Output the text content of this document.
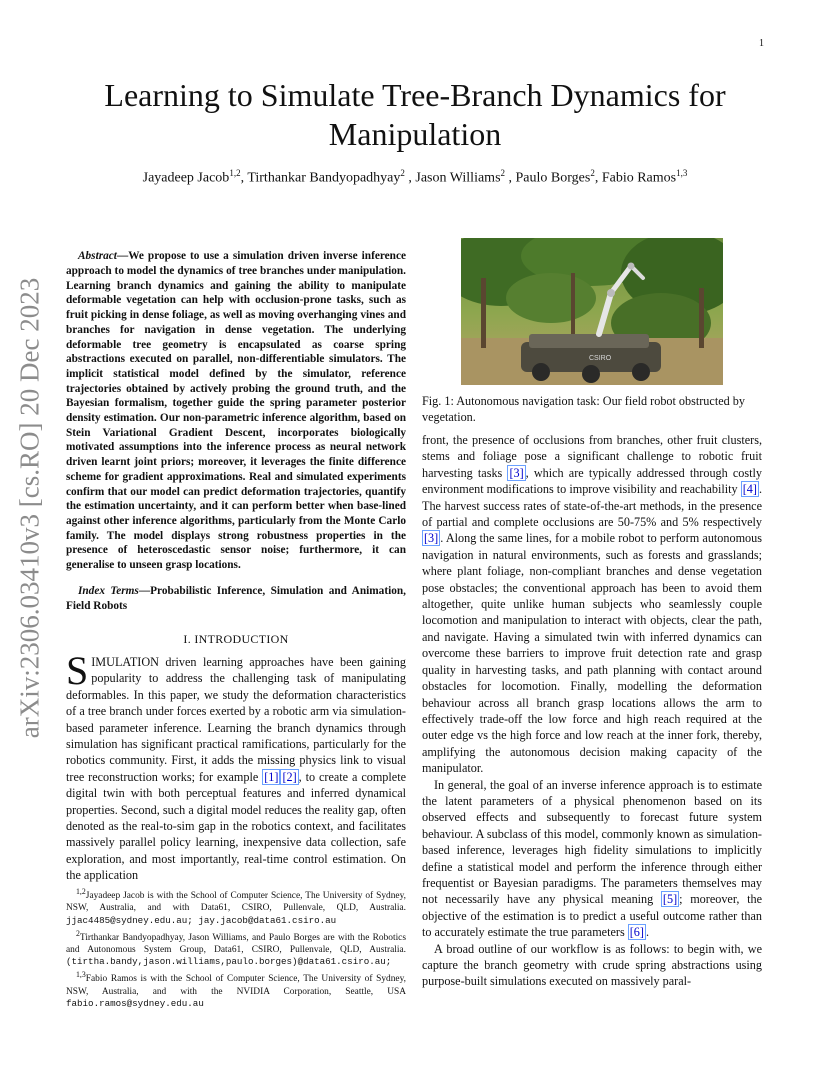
1
arXiv:2306.03410v3 [cs.RO] 20 Dec 2023
Learning to Simulate Tree-Branch Dynamics for Manipulation
Jayadeep Jacob$^{1,2}$, Tirthankar Bandyopadhyay$^2$ , Jason Williams$^2$ , Paulo Borges$^2$, Fabio Ramos$^{1,3}$

Abstract—We propose to use a simulation driven inverse inference approach to model the dynamics of tree branches under manipulation. Learning branch dynamics and gaining the ability to manipulate deformable vegetation can help with occlusion-prone tasks, such as fruit picking in dense foliage, as well as moving overhanging vines and branches for navigation in dense vegetation. The underlying deformable tree geometry is encapsulated as coarse spring abstractions executed on parallel, non-differentiable simulators. The implicit statistical model defined by the simulator, reference trajectories obtained by actively probing the ground truth, and the Bayesian formalism, together guide the spring parameter posterior density estimation. Our non-parametric inference algorithm, based on Stein Variational Gradient Descent, incorporates biologically motivated assumptions into the inference process as neural network driven learnt joint priors; moreover, it leverages the finite difference scheme for gradient approximations. Real and simulated experiments confirm that our model can predict deformation trajectories, quantify the estimation uncertainty, and it can perform better when base-lined against other inference algorithms, particularly from the Monte Carlo family. The model displays strong robustness properties in the presence of heteroscedastic sensor noise; furthermore, it can generalise to unseen grasp locations.

Index Terms—Probabilistic Inference, Simulation and Animation, Field Robots

I. INTRODUCTION

SIMULATION driven learning approaches have been gaining popularity to address the challenging task of manipulating deformables. In this paper, we study the deformation characteristics of a tree branch under forces exerted by a robotic arm via simulation-based parameter inference. Learning the branch dynamics through simulation has significant practical ramifications, particularly for the robotics community. First, it adds the missing physics link to visual tree reconstruction works; for example [1] [2] , to create a complete digital twin with both perceptual features and inferred dynamical properties. Second, such a digital model reduces the reality gap, often denoted as the real-to-sim gap in the robotics context, and facilitates massively parallel policy learning, inexpensive data collection, safe exploration, and most importantly, real-time control estimation. On the application

$^{1,2}$Jayadeep Jacob is with the School of Computer Science, The University of Sydney, NSW, Australia, and with Data61, CSIRO, Pullenvale, QLD, Australia. jjac4485@sydney.edu.au; jay.jacob@data61.csiro.au

$^2$Tirthankar Bandyopadhyay, Jason Williams, and Paulo Borges are with the Robotics and Autonomous System Group, Data61, CSIRO, Pullenvale, QLD, Australia. (tirtha.bandy,jason.williams,paulo.borges)@data61.csiro.au;

$^{1,3}$Fabio Ramos is with the School of Computer Science, The University of Sydney, NSW, Australia, and with the NVIDIA Corporation, Seattle, USA fabio.ramos@sydney.edu.au

CSIRO
Fig. 1: Autonomous navigation task: Our field robot obstructed by vegetation.

front, the presence of occlusions from branches, other fruit clusters, stems and foliage pose a significant challenge to robotic fruit harvesting tasks [3] , which are typically addressed through costly environment modifications to improve visibility and reachability [4] . The harvest success rates of state-of-the-art methods, in the presence of partial and complete occlusions are 50-75% and 5% respectively [3] . Along the same lines, for a mobile robot to perform autonomous navigation in natural environments, such as forests and grasslands; where plant foliage, non-compliant branches and dense vegetation pose obstacles; the conventional approach has been to avoid them altogether, quite unlike human subjects who seamlessly couple locomotion and manipulation to interact with objects, clear the path, and navigate. Having a simulated twin with inferred dynamics can overcome these barriers to improve fruit detection rate and grasp quality in harvesting tasks, and path planning with contact around obstacles for locomotion. Finally, modelling the deformation behaviour across all branch grasp locations allows the arm to effectively trade-off the low force and high reach required at the outer edge vs the high force and low reach at the inner fork, thereby, amplifying the autonomous decision making capacity of the manipulator.

In general, the goal of an inverse inference approach is to estimate the latent parameters of a physical phenomenon based on its observed effects and subsequently to forecast future system behaviour. A subclass of this model, commonly known as simulation-based inference, leverages high fidelity simulations to implicitly define a statistical model and perform the inference through either frequentist or Bayesian paradigms. The parameters themselves may not necessarily have any physical meaning [5] ; moreover, the objective of the estimation is to predict a useful outcome rather than to accurately estimate the true parameters [6] .

A broad outline of our workflow is as follows: to begin with, we capture the branch geometry with crude spring abstractions using purpose-built simulations executed on massively paral-
